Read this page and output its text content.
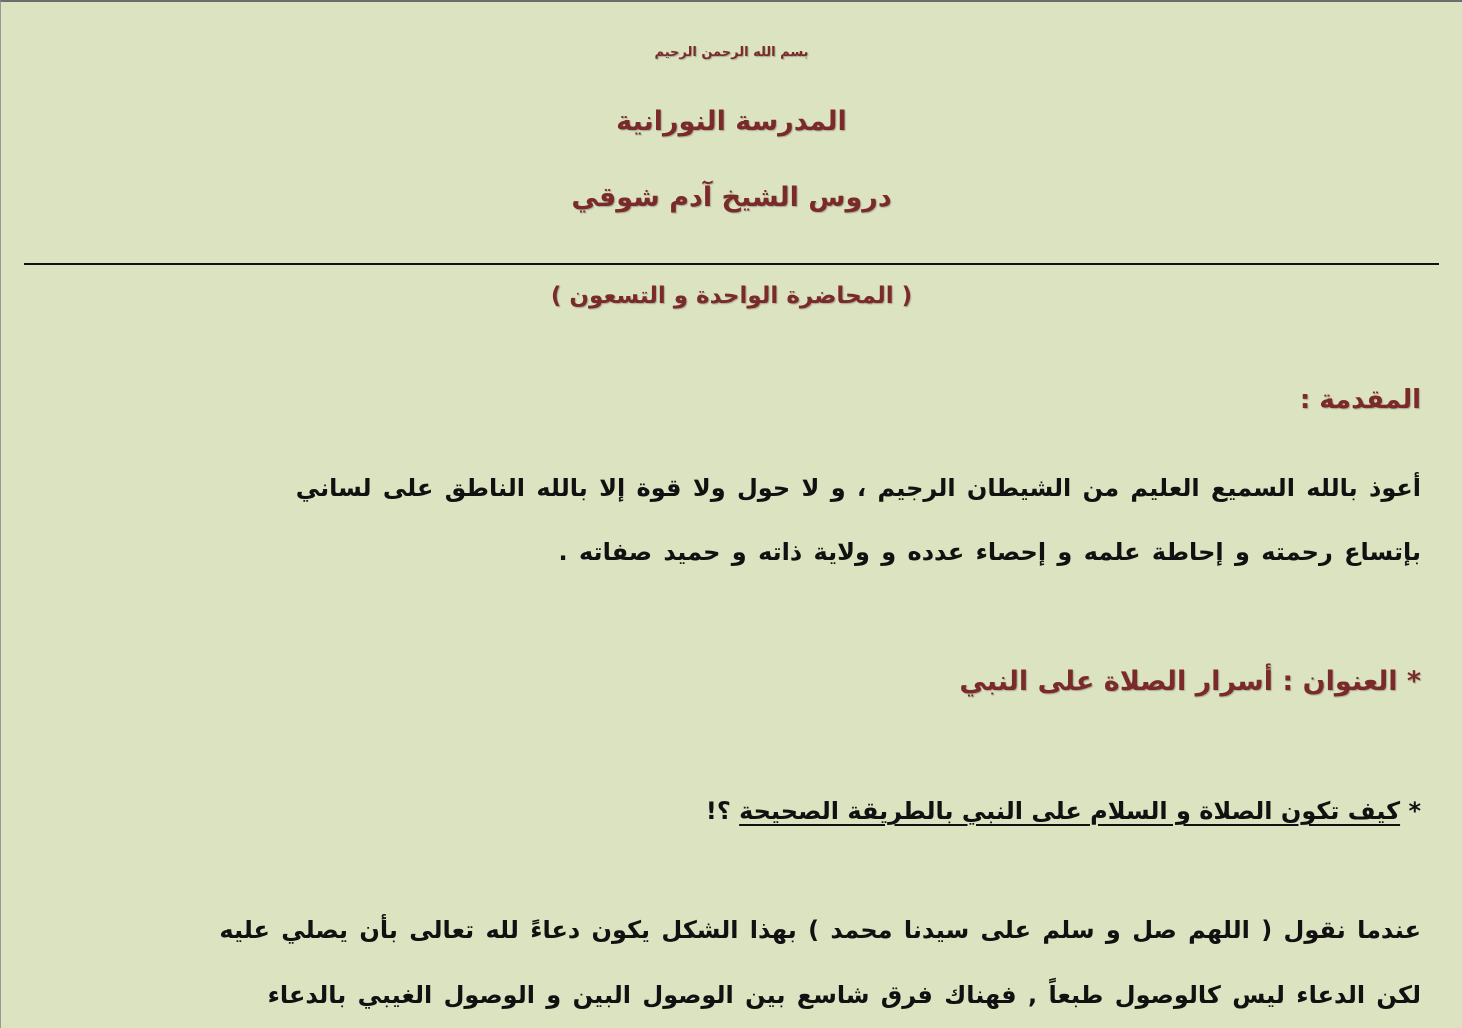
بسم الله الرحمن الرحيم
المدرسة النورانية
دروس الشيخ آدم شوقي
( المحاضرة الواحدة و التسعون )
المقدمة :
أعوذ بالله السميع العليم من الشيطان الرجيم ، و لا حول ولا قوة إلا بالله الناطق على لساني
بإتساع رحمته و إحاطة علمه و إحصاء عدده و ولاية ذاته و حميد صفاته .
* العنوان : أسرار الصلاة على النبي
* كيف تكون الصلاة و السلام على النبي بالطريقة الصحيحة ؟!
عندما نقول ( اللهم صل و سلم على سيدنا محمد ) بهذا الشكل يكون دعاءً لله تعالى بأن يصلي عليه
لكن الدعاء ليس كالوصول طبعاً , فهناك فرق شاسع بين الوصول البين و الوصول الغيبي بالدعاء
